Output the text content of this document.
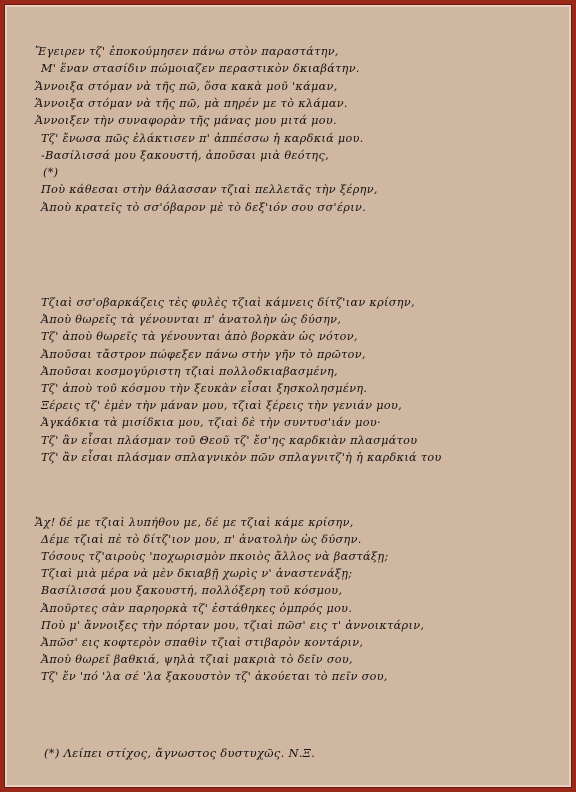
Ἔγειρεν τζ' ἐποκούμησεν πάνω στὸν παραστάτην,
Μ' ἕναν στασίδιν πώμοιαζεν περαστικὸν δκιαβάτην.
Ἄννοιξα στόμαν νὰ τῆς πῶ, ὅσα κακὰ μοῦ 'κάμαν,
Ἄννοιξα στόμαν νὰ τῆς πῶ, μὰ πηρέν με τὸ κλάμαν.
Ἀννοιξεν τὴν συναφορὰν τῆς μάνας μου μιτά μου.
Τζ' ἔνωσα πῶς ἐλάκτισεν π' ἀππέσσω ἡ καρδκιά μου.
-Βασίλισσά μου ξακουστή, ἀποῦσαι μιὰ θεότης,
(*)
Ποὺ κάθεσαι στὴν θάλασσαν τζιαὶ πελλετᾶς τὴν ξέρην,
Ἀποὺ κρατεῖς τὸ σσ'όβαρον μὲ τὸ δεξ'ιόν σου σσ'έριν.
Τζιαὶ σσ'οβαρκάζεις τὲς φυλὲς τζιαὶ κάμνεις δίτζ'ιαν κρίσην,
Ἀποὺ θωρεῖς τὰ γένουνται π' ἀνατολὴν ὡς δύσην,
Τζ' ἀποὺ θωρεῖς τὰ γένουνται ἀπὸ βορκὰν ὡς νότον,
Ἀποῦσαι τἄστρον πώφεξεν πάνω στὴν γῆν τὸ πρῶτον,
Ἀποῦσαι κοσμογύριστη τζιαὶ πολλοδκιαβασμένη,
Τζ' ἀποὺ τοῦ κόσμου τὴν ξευκὰν εἶσαι ξησκολησμένη.
Ξέρεις τζ' ἐμὲν τὴν μάναν μου, τζιαὶ ξέρεις τὴν γενιάν μου,
Ἀγκάδκια τὰ μισίδκια μου, τζιαὶ δὲ τὴν συντυσ'ιάν μου·
Τζ' ἂν εἶσαι πλάσμαν τοῦ Θεοῦ τζ' ἔσ'ης καρδκιὰν πλασμάτου
Τζ' ἂν εἶσαι πλάσμαν σπλαγνικὸν πῶν σπλαγνιτζ'ὴ ἡ καρδκιά του
Ἄχ! δέ με τζιαὶ λυπήθου με, δέ με τζιαὶ κάμε κρίσην,
Δέμε τζιαὶ πὲ τὸ δίτζ'ιον μου, π' ἀνατολὴν ὡς δύσην.
Τόσους τζ'αιροὺς 'ποχωρισμὸν πκοιὸς ἄλλος νὰ βαστάξῃ;
Τζιαὶ μιὰ μέρα νὰ μὲν δκιαβῇ χωρὶς ν' ἀναστενάξῃ;
Βασίλισσά μου ξακουστή, πολλόξερη τοῦ κόσμου,
Ἀποῦρτες σὰν παρηορκὰ τζ' ἐστάθηκες ὀμπρός μου.
Ποὺ μ' ἄννοιξες τὴν πόρταν μου, τζιαὶ πῶσ' εις τ' ἀννοικτάριν,
Ἀπῶσ' εις κοφτερὸν σπαθὶν τζιαὶ στιβαρὸν κοντάριν,
Ἀποὺ θωρεῖ βαθκιά, ψηλὰ τζιαὶ μακριὰ τὸ δεῖν σου,
Τζ' ἔν 'πό 'λα σέ 'λα ξακουστὸν τζ' ἀκούεται τὸ πεῖν σου,
(*) Λείπει στίχος, ἄγνωστος δυστυχῶς. Ν.Ξ.
